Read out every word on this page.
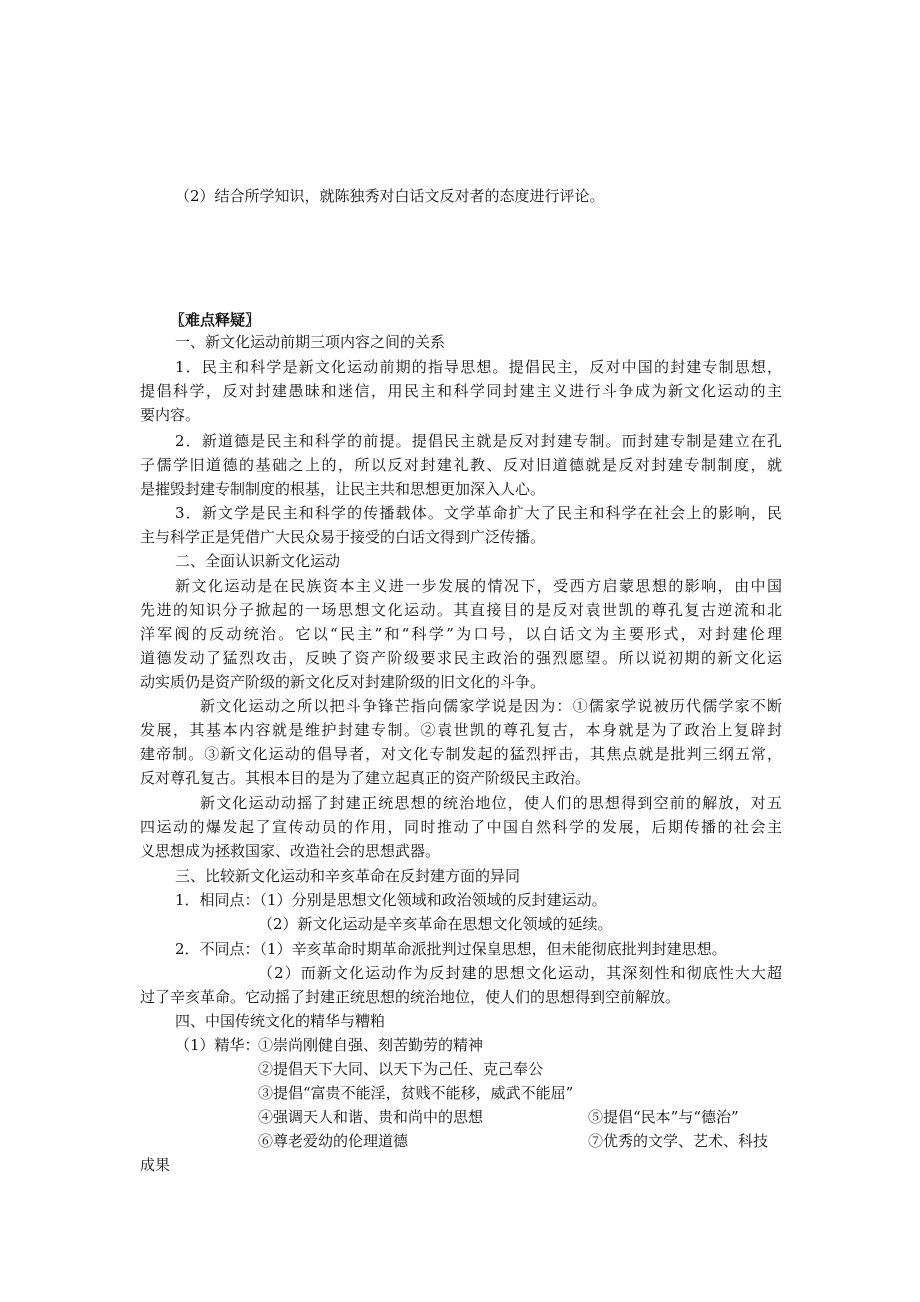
（2）结合所学知识，就陈独秀对白话文反对者的态度进行评论。
〖难点释疑〗
一、新文化运动前期三项内容之间的关系
1．民主和科学是新文化运动前期的指导思想。提倡民主，反对中国的封建专制思想，
提倡科学，反对封建愚昧和迷信，用民主和科学同封建主义进行斗争成为新文化运动的主
要内容。
2．新道德是民主和科学的前提。提倡民主就是反对封建专制。而封建专制是建立在孔
子儒学旧道德的基础之上的，所以反对封建礼教、反对旧道德就是反对封建专制制度，就
是摧毁封建专制制度的根基，让民主共和思想更加深入人心。
3．新文学是民主和科学的传播载体。文学革命扩大了民主和科学在社会上的影响，民
主与科学正是凭借广大民众易于接受的白话文得到广泛传播。
二、全面认识新文化运动
新文化运动是在民族资本主义进一步发展的情况下，受西方启蒙思想的影响，由中国
先进的知识分子掀起的一场思想文化运动。其直接目的是反对袁世凯的尊孔复古逆流和北
洋军阀的反动统治。它以“民主”和“科学”为口号，以白话文为主要形式，对封建伦理
道德发动了猛烈攻击，反映了资产阶级要求民主政治的强烈愿望。所以说初期的新文化运
动实质仍是资产阶级的新文化反对封建阶级的旧文化的斗争。
新文化运动之所以把斗争锋芒指向儒家学说是因为：①儒家学说被历代儒学家不断
发展，其基本内容就是维护封建专制。②袁世凯的尊孔复古，本身就是为了政治上复辟封
建帝制。③新文化运动的倡导者，对文化专制发起的猛烈抨击，其焦点就是批判三纲五常，
反对尊孔复古。其根本目的是为了建立起真正的资产阶级民主政治。
新文化运动动摇了封建正统思想的统治地位，使人们的思想得到空前的解放，对五
四运动的爆发起了宣传动员的作用，同时推动了中国自然科学的发展，后期传播的社会主
义思想成为拯救国家、改造社会的思想武器。
三、比较新文化运动和辛亥革命在反封建方面的异同
1．相同点：（1）分别是思想文化领域和政治领域的反封建运动。
（2）新文化运动是辛亥革命在思想文化领域的延续。
2．不同点：（1）辛亥革命时期革命派批判过保皇思想，但未能彻底批判封建思想。
（2）而新文化运动作为反封建的思想文化运动，其深刻性和彻底性大大超
过了辛亥革命。它动摇了封建正统思想的统治地位，使人们的思想得到空前解放。
四、中国传统文化的精华与糟粕
（1）精华：
①崇尚刚健自强、刻苦勤劳的精神
②提倡天下大同、以天下为己任、克己奉公
③提倡“富贵不能淫，贫贱不能移，威武不能屈”
④强调天人和谐、贵和尚中的思想	⑤提倡“民本”与“德治”
⑥尊老爱幼的伦理道德	⑦优秀的文学、艺术、科技
成果
